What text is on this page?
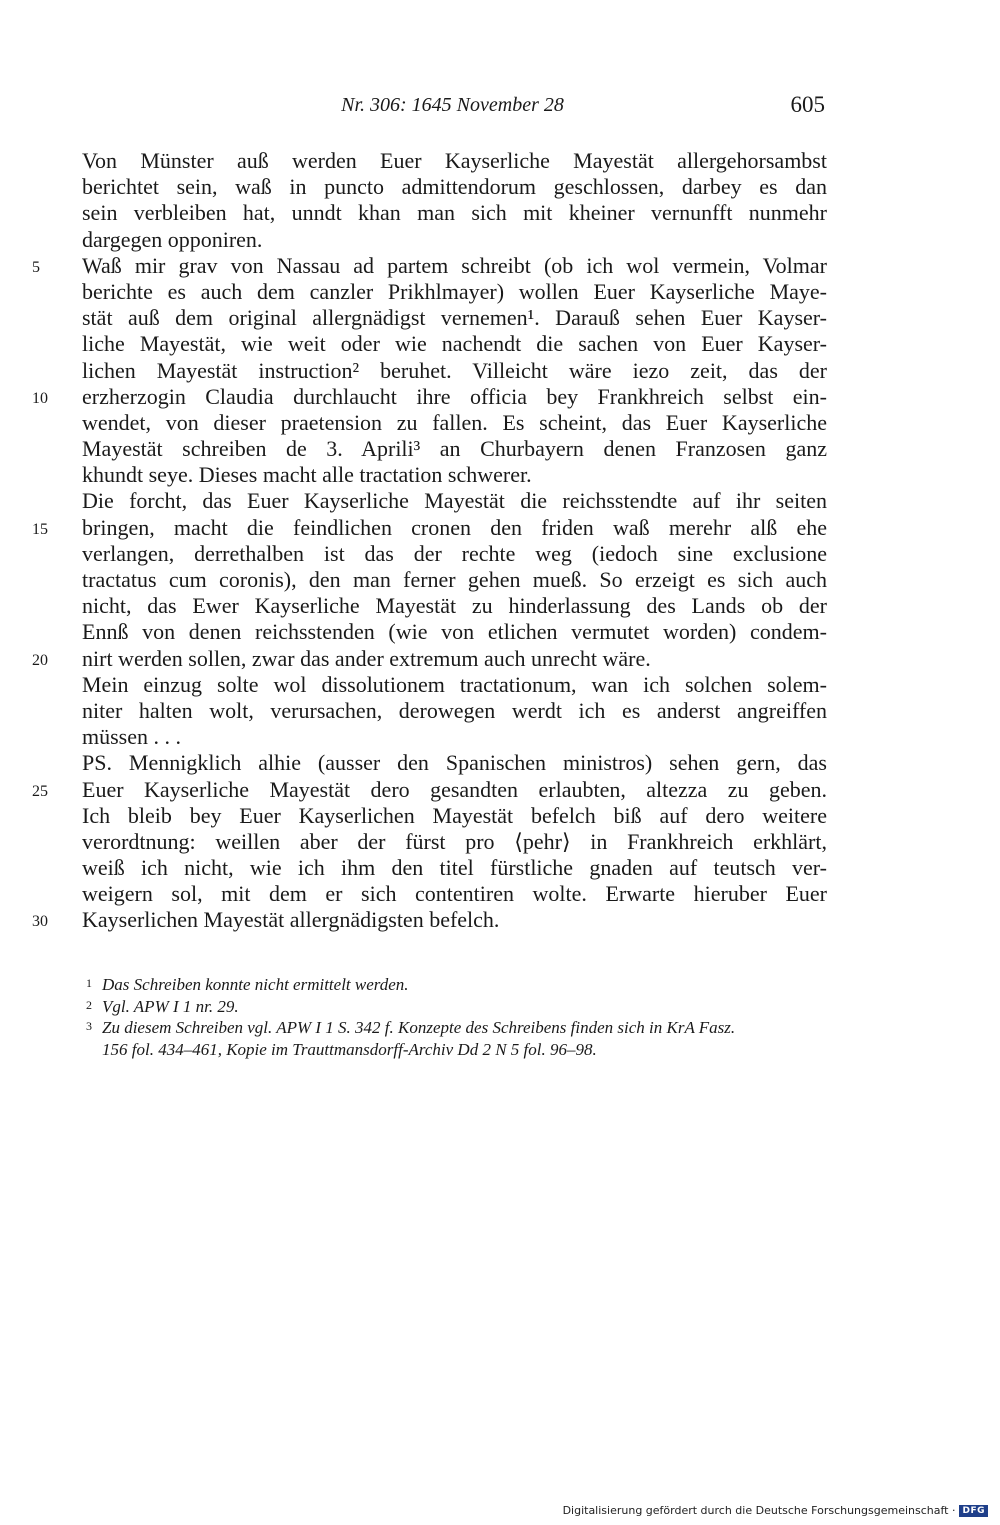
Nr. 306: 1645 November 28	605
Von Münster auß werden Euer Kayserliche Mayestät allergehorsambst
berichtet sein, waß in puncto admittendorum geschlossen, darbey es dan
sein verbleiben hat, unndt khan man sich mit kheiner vernunfft nunmehr
dargegen opponiren.
5 Waß mir grav von Nassau ad partem schreibt (ob ich wol vermein, Volmar
berichte es auch dem canzler Prikhlmayer) wollen Euer Kayserliche Maye-
stät auß dem original allergnädigst vernemen¹. Darauß sehen Euer Kayser-
liche Mayestät, wie weit oder wie nachendt die sachen von Euer Kayser-
lichen Mayestät instruction² beruhet. Villeicht wäre iezo zeit, das der
10 erzherzogin Claudia durchlaucht ihre officia bey Frankhreich selbst ein-
wendet, von dieser praetension zu fallen. Es scheint, das Euer Kayserliche
Mayestät schreiben de 3. Aprili³ an Churbayern denen Franzosen ganz
khundt seye. Dieses macht alle tractation schwerer.
Die forcht, das Euer Kayserliche Mayestät die reichsstendte auf ihr seiten
15 bringen, macht die feindlichen cronen den friden waß merehr alß ehe
verlangen, derrethalben ist das der rechte weg (iedoch sine exclusione
tractatus cum coronis), den man ferner gehen mueß. So erzeigt es sich auch
nicht, das Ewer Kayserliche Mayestät zu hinderlassung des Lands ob der
Ennß von denen reichsstenden (wie von etlichen vermutet worden) condem-
20 nirt werden sollen, zwar das ander extremum auch unrecht wäre.
Mein einzug solte wol dissolutionem tractationum, wan ich solchen solem-
niter halten wolt, verursachen, derowegen werdt ich es anderst angreiffen
müssen . . .
PS. Mennigklich alhie (ausser den Spanischen ministros) sehen gern, das
25 Euer Kayserliche Mayestät dero gesandten erlaubten, altezza zu geben.
Ich bleib bey Euer Kayserlichen Mayestät befelch biß auf dero weitere
verordtnung: weillen aber der fürst pro ⟨pehr⟩ in Frankhreich erkhlärt,
weiß ich nicht, wie ich ihm den titel fürstliche gnaden auf teutsch ver-
weigern sol, mit dem er sich contentiren wolte. Erwarte hieruber Euer
30 Kayserlichen Mayestät allergnädigsten befelch.
1 Das Schreiben konnte nicht ermittelt werden.
2 Vgl. APW I 1 nr. 29.
3 Zu diesem Schreiben vgl. APW I 1 S. 342 f. Konzepte des Schreibens finden sich in KrA Fasz.
156 fol. 434–461, Kopie im Trauttmansdorff-Archiv Dd 2 N 5 fol. 96–98.
Digitalisierung gefördert durch die Deutsche Forschungsgemeinschaft · DFG
